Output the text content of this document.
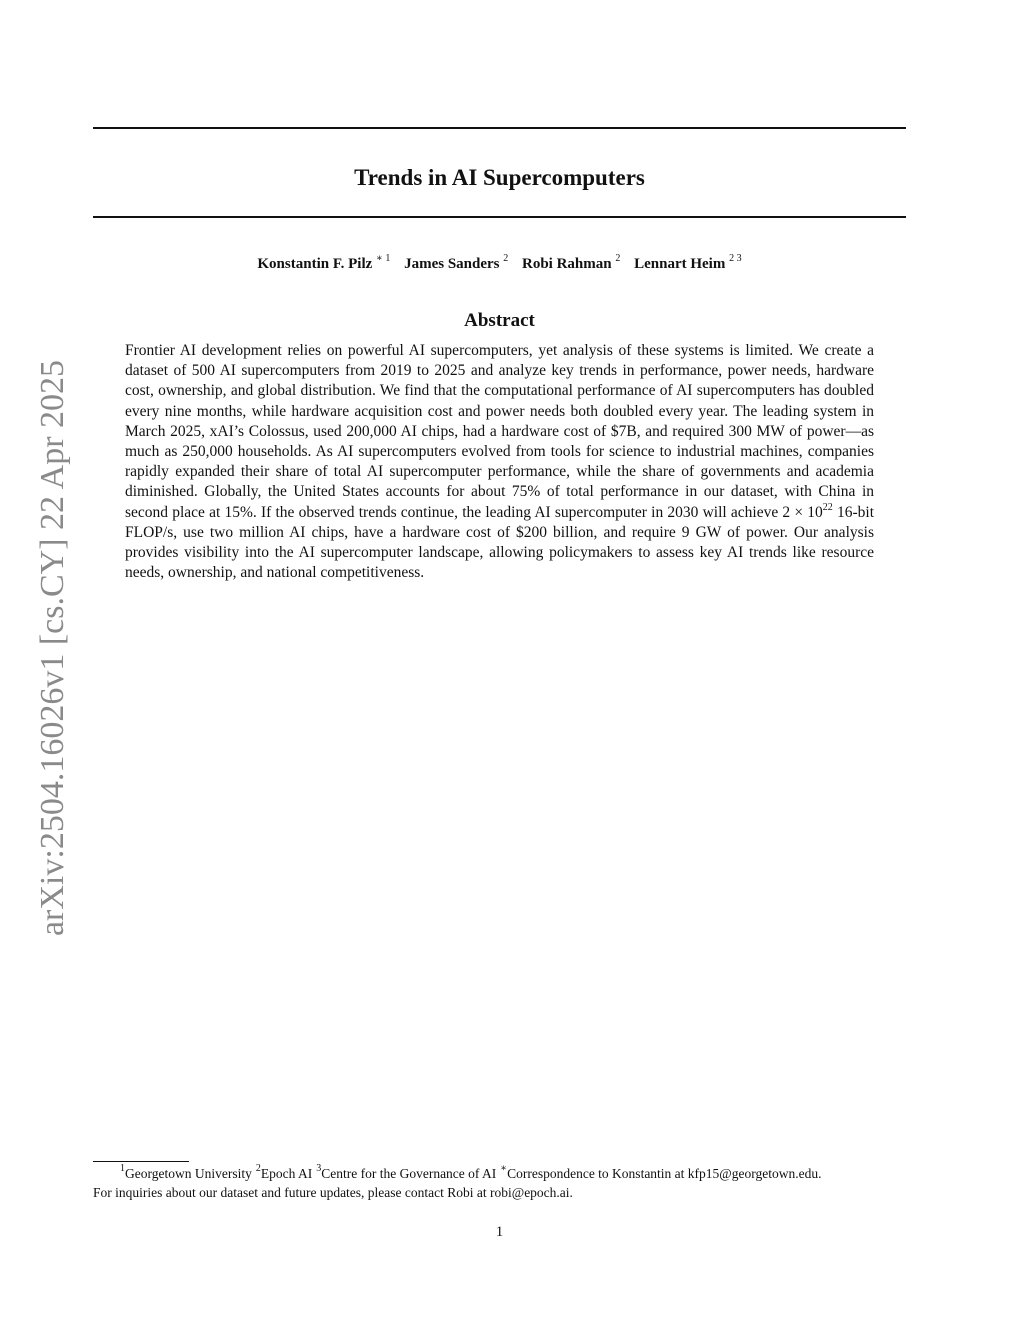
arXiv:2504.16026v1 [cs.CY] 22 Apr 2025
Trends in AI Supercomputers
Konstantin F. Pilz $^{∗ 1}$ James Sanders $^2$ Robi Rahman $^2$ Lennart Heim $^{2 3}$
Abstract
Frontier AI development relies on powerful AI supercomputers, yet analysis of these systems is limited. We create a dataset of 500 AI supercomputers from 2019 to 2025 and analyze key trends in performance, power needs, hardware cost, ownership, and global distribution. We find that the computational performance of AI supercomputers has doubled every nine months, while hardware acquisition cost and power needs both doubled every year. The leading system in March 2025, xAI’s Colossus, used 200,000 AI chips, had a hardware cost of $7B, and required 300 MW of power—as much as 250,000 households. As AI supercomputers evolved from tools for science to industrial machines, companies rapidly expanded their share of total AI supercomputer performance, while the share of governments and academia diminished. Globally, the United States accounts for about 75% of total performance in our dataset, with China in second place at 15%. If the observed trends continue, the leading AI supercomputer in 2030 will achieve $2 \times 10^{22}$ 16-bit FLOP/s, use two million AI chips, have a hardware cost of $200 billion, and require 9 GW of power. Our analysis provides visibility into the AI supercomputer landscape, allowing policymakers to assess key AI trends like resource needs, ownership, and national competitiveness.
$^1$Georgetown University $^2$Epoch AI $^3$Centre for the Governance of AI ∗Correspondence to Konstantin at kfp15@georgetown.edu.
For inquiries about our dataset and future updates, please contact Robi at robi@epoch.ai.
1
